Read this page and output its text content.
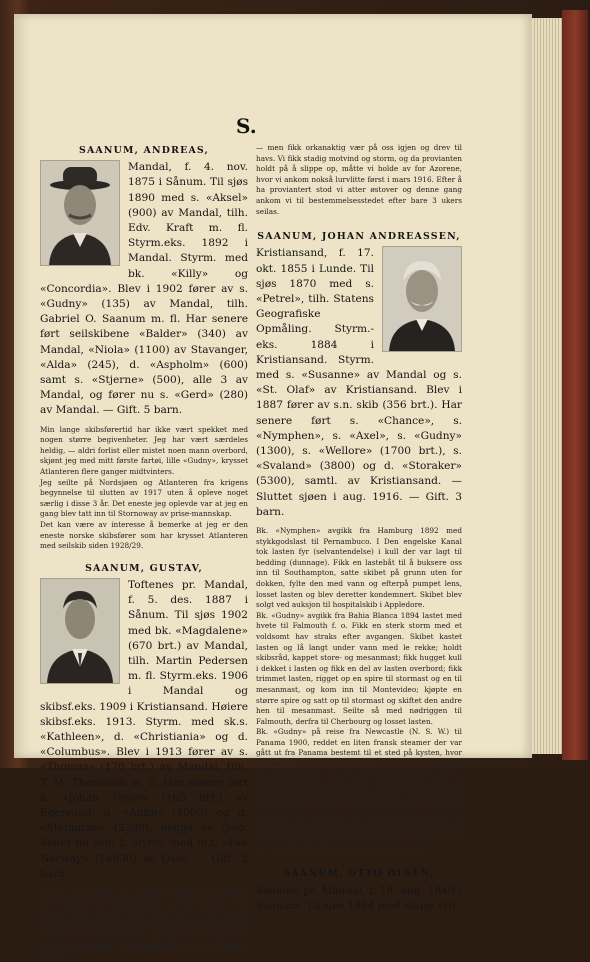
S.
SAANUM, ANDREAS,

Mandal, f. 4. nov. 1875 i Sånum. Til sjøs 1890 med s. «Aksel» (900) av Mandal, tilh. Edv. Kraft m. fl. Styrm.eks. 1892 i Mandal. Styrm. med bk. «Killy» og «Concordia». Blev i 1902 fører av s. «Gudny» (135) av Mandal, tilh. Gabriel O. Saanum m. fl. Har senere ført seilskibene «Balder» (340) av Mandal, «Niola» (1100) av Stavanger, «Alda» (245), d. «Aspholm» (600) samt s. «Stjerne» (500), alle 3 av Mandal, og fører nu s. «Gerd» (280) av Mandal. — Gift. 5 barn.

Min lange skibsførertid har ikke vært spekket med nogen større begivenheter. Jeg har vært særdeles heldig, — aldri forlist eller mistet noen mann overbord, skjønt jeg med mitt første fartøi, lille «Gudny», krysset Atlanteren flere ganger midtvinters.

Jeg seilte på Nordsjøen og Atlanteren fra krigens begynnelse til slutten av 1917 uten å opleve noget særlig i disse 3 år. Det eneste jeg oplevde var at jeg en gang blev tatt inn til Stornoway av prise-mannskap.

Det kan være av interesse å bemerke at jeg er den eneste norske skibsfører som har krysset Atlanteren med seilskib siden 1928/29.

SAANUM, GUSTAV,

Toftenes pr. Mandal, f. 5. des. 1887 i Sånum. Til sjøs 1902 med bk. «Magdalene» (670 brt.) av Mandal, tilh. Martin Pedersen m. fl. Styrm.eks. 1906 i Mandal og skibsf.eks. 1909 i Kristiansand. Høiere skibsf.eks. 1913. Styrm. med sk.s. «Kathleen», d. «Christiania» og d. «Columbus». Blev i 1913 fører av s. «Thomas» (170 brt.) av Mandal, tilh. T. M. Thomasen m. fl. Har senere ført s. «Johan Feyer» (165 brt.) av Egersund, d. «Anfin» (1000) og d. «Steingrim» (2300), begge av Oslo. Seiler nu som 1. styrm. med m.t. «Pan Norway» (14930) av Oslo. — Gift. 2 barn.

Vi var i 1914 med sk. «Thomas» kommet til Alicante med fiskelast fra Newfoundland og lastet salt for å gå samme vei tilbake. Det var just i de mørke vintermåneder og mange stormer red den vakre lille tremaster av på denne turen. Engang var vi så nær ved bestemmelsesstedet Newfoundland, at vi så skibene i havnen

— men fikk orkanaktig vær på oss igjen og drev til havs. Vi fikk stadig motvind og storm, og da provianten holdt på å slippe op, måtte vi holde av for Azorene, hvor vi ankom nokså lurvlitte først i mars 1916. Efter å ha proviantert stod vi atter østover og denne gang ankom vi til bestemmelsesstedet efter bare 3 ukers seilas.

SAANUM, JOHAN ANDREASSEN,

Kristiansand, f. 17. okt. 1855 i Lunde. Til sjøs 1870 med s. «Petrel», tilh. Statens Geografiske Opmåling. Styrm.-eks. 1884 i Kristiansand. Styrm. med s. «Susanne» av Mandal og s. «St. Olaf» av Kristiansand. Blev i 1887 fører av s.n. skib (356 brt.). Har senere ført s. «Chance», s. «Nymphen», s. «Axel», s. «Gudny» (1300), s. «Wellore» (1700 brt.), s. «Svaland» (3800) og d. «Storaker» (5300), samtl. av Kristiansand. — Sluttet sjøen i aug. 1916. — Gift. 3 barn.

Bk. «Nymphen» avgikk fra Hamburg 1892 med stykkgodslast til Pernambuco. I Den engelske Kanal tok lasten fyr (selvantendelse) i kull der var lagt til bedding (dunnage). Fikk en lastebåt til å buksere oss inn til Southampton, satte skibet på grunn uten for dokken, fylte den med vann og efterpå pumpet lens, losset lasten og blev deretter kondemnert. Skibet blev solgt ved auksjon til hospitalskib i Appledore.

Bk. «Gudny» avgikk fra Bahia Blanca 1894 lastet med hvete til Falmouth f. o. Fikk en sterk storm med et voldsomt hav straks efter avgangen. Skibet kastet lasten og lå langt under vann med le rekke; holdt skibsråd, kappet store- og mesanmast; fikk hugget kull i dekket i lasten og fikk en del av lasten overbord; fikk trimmet lasten, rigget op en spire til stormast og en til mesanmast, og kom inn til Montevideo; kjøpte en større spire og satt op til stormast og skiftet den andre hen til mesanmast. Seilte så med nødriggen til Falmouth, derfra til Cherbourg og losset lasten.

Bk. «Gudny» på reise fra Newcastle (N. S. W.) til Panama 1900, reddet en liten fransk steamer der var gått ut fra Panama bestemt til et sted på kysten, hvor der var en gullmine. Eieren av minen var ombord, samt en del arbeidere, der var gått ut fra Panama med 2 små dampskib, men fikk storm og mistet den ene; kom land av sikte; ingen navigatør ombord, visste ikke hvor de skulde styre; mat og vann tok slutt, derav mytteri. Forsynte dem med mat og vann, gav dem kursen for bestemmelsesstedet. Ved avgangen forvisset jeg mig om de styrte den rette kurs. Fikk høre i Panama at de var lykkelig ankommet til bestemmelsesstedet.

SAANUM, OTTO OLSEN,

Saanum pr. Mandal, f. 18. aug. 1840 i Saanum. Til sjøs 1854 med slupp «Hi-
